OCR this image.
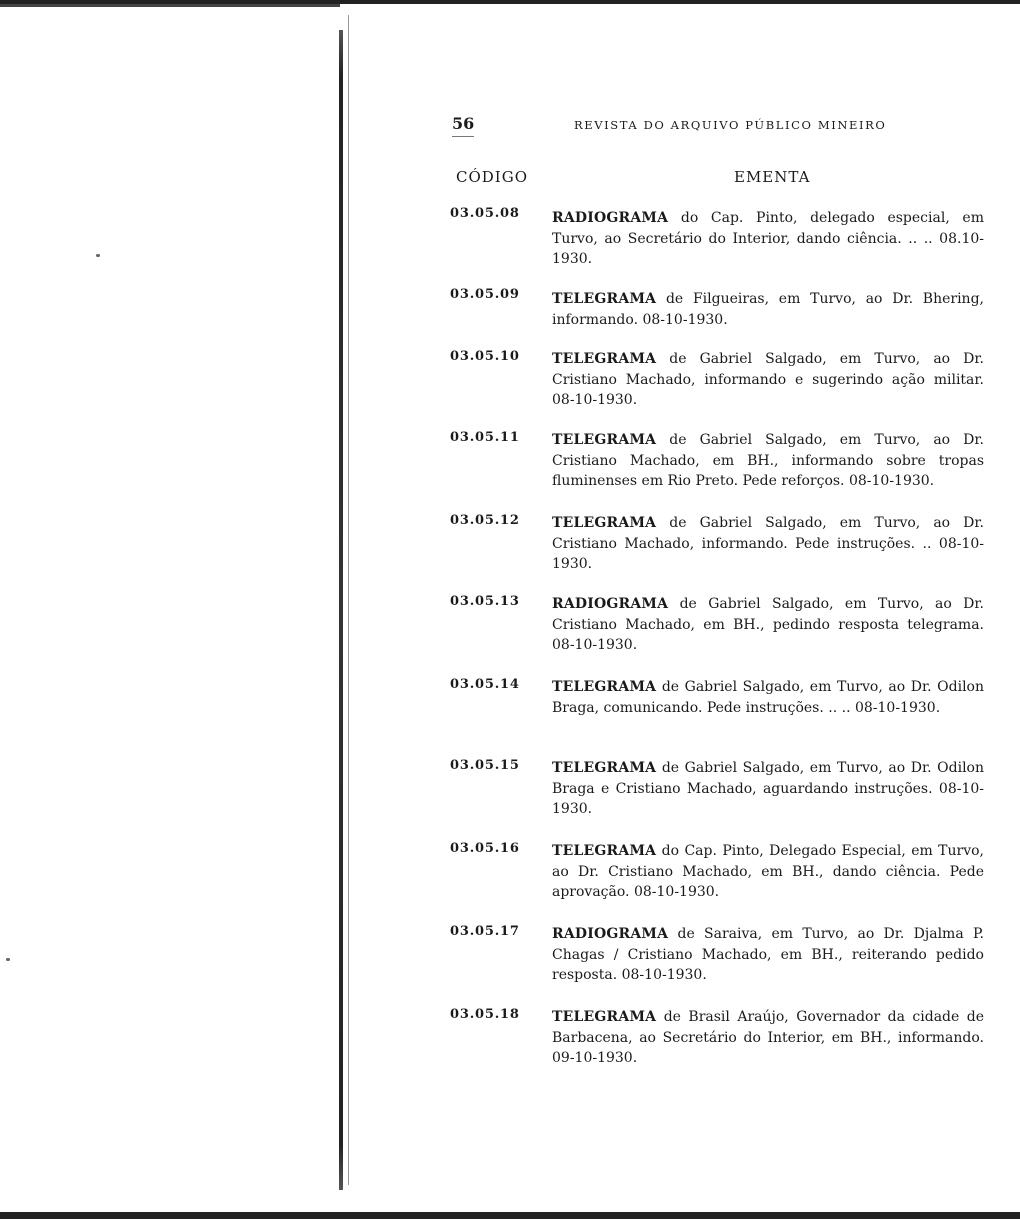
56	REVISTA DO ARQUIVO PÚBLICO MINEIRO
CÓDIGO	EMENTA
03.05.08	RADIOGRAMA do Cap. Pinto, delegado especial, em Turvo, ao Secretário do Interior, dando ciência. .. .. 08.10-1930.
03.05.09	TELEGRAMA de Filgueiras, em Turvo, ao Dr. Bhering, informando. 08-10-1930.
03.05.10	TELEGRAMA de Gabriel Salgado, em Turvo, ao Dr. Cristiano Machado, informando e sugerindo ação militar. 08-10-1930.
03.05.11	TELEGRAMA de Gabriel Salgado, em Turvo, ao Dr. Cristiano Machado, em BH., informando sobre tropas fluminenses em Rio Preto. Pede reforços. 08-10-1930.
03.05.12	TELEGRAMA de Gabriel Salgado, em Turvo, ao Dr. Cristiano Machado, informando. Pede instruções. .. 08-10-1930.
03.05.13	RADIOGRAMA de Gabriel Salgado, em Turvo, ao Dr. Cristiano Machado, em BH., pedindo resposta telegrama. 08-10-1930.
03.05.14	TELEGRAMA de Gabriel Salgado, em Turvo, ao Dr. Odilon Braga, comunicando. Pede instruções. .. .. 08-10-1930.
03.05.15	TELEGRAMA de Gabriel Salgado, em Turvo, ao Dr. Odilon Braga e Cristiano Machado, aguardando instruções. 08-10-1930.
03.05.16	TELEGRAMA do Cap. Pinto, Delegado Especial, em Turvo, ao Dr. Cristiano Machado, em BH., dando ciência. Pede aprovação. 08-10-1930.
03.05.17	RADIOGRAMA de Saraiva, em Turvo, ao Dr. Djalma P. Chagas / Cristiano Machado, em BH., reiterando pedido resposta. 08-10-1930.
03.05.18	TELEGRAMA de Brasil Araújo, Governador da cidade de Barbacena, ao Secretário do Interior, em BH., informando. 09-10-1930.
